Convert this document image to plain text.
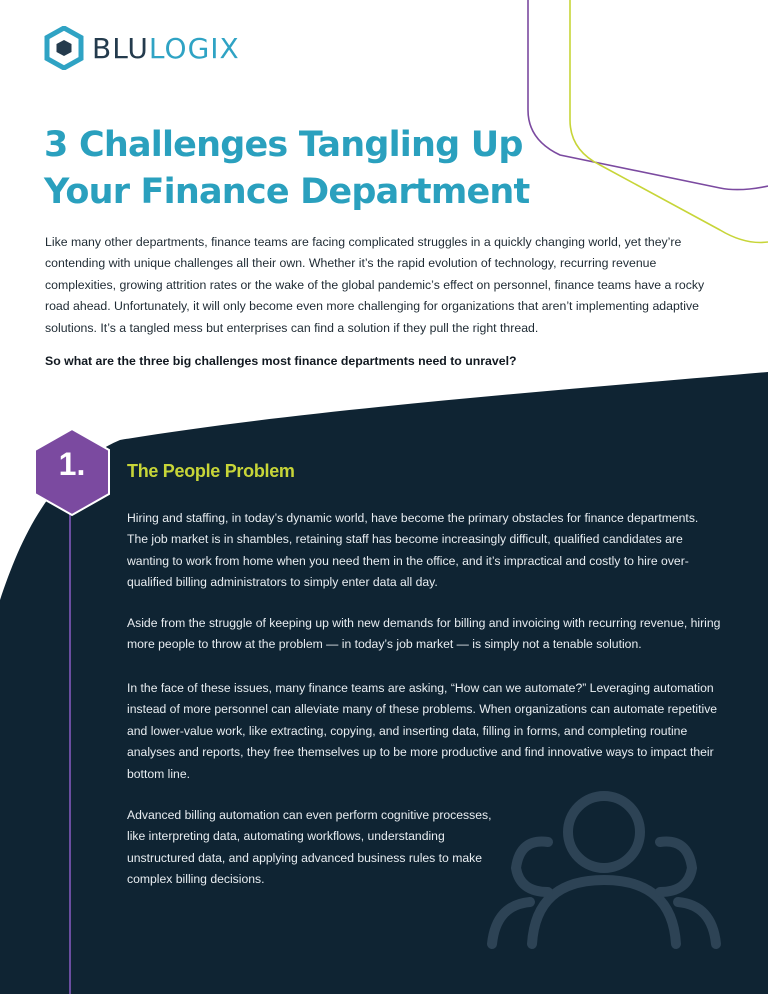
BLULOGIX
3 Challenges Tangling Up Your Finance Department

Like many other departments, finance teams are facing complicated struggles in a quickly changing world, yet they’re contending with unique challenges all their own. Whether it’s the rapid evolution of technology, recurring revenue complexities, growing attrition rates or the wake of the global pandemic’s effect on personnel, finance teams have a rocky road ahead. Unfortunately, it will only become even more challenging for organizations that aren’t implementing adaptive solutions. It’s a tangled mess but enterprises can find a solution if they pull the right thread.

So what are the three big challenges most finance departments need to unravel?

1.	The People Problem

Hiring and staffing, in today’s dynamic world, have become the primary obstacles for finance departments. The job market is in shambles, retaining staff has become increasingly difficult, qualified candidates are wanting to work from home when you need them in the office, and it’s impractical and costly to hire over-qualified billing administrators to simply enter data all day.

Aside from the struggle of keeping up with new demands for billing and invoicing with recurring revenue, hiring more people to throw at the problem — in today’s job market — is simply not a tenable solution.

In the face of these issues, many finance teams are asking, “How can we automate?” Leveraging automation instead of more personnel can alleviate many of these problems. When organizations can automate repetitive and lower-value work, like extracting, copying, and inserting data, filling in forms, and completing routine analyses and reports, they free themselves up to be more productive and find innovative ways to impact their bottom line.

Advanced billing automation can even perform cognitive processes, like interpreting data, automating workflows, understanding unstructured data, and applying advanced business rules to make complex billing decisions.
